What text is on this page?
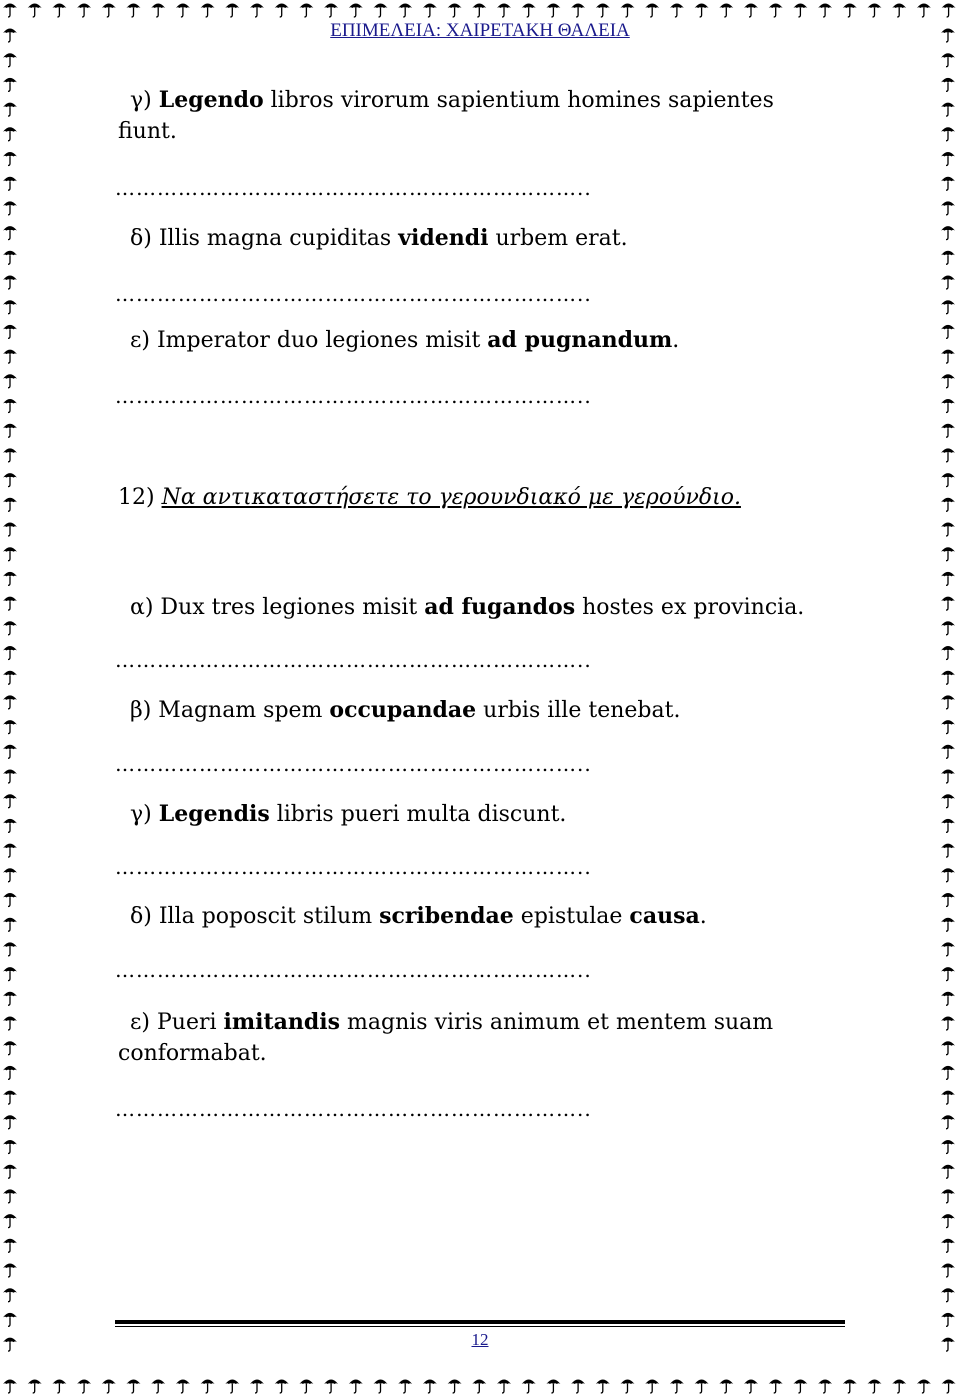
ΕΠΙΜΕΛΕΙΑ: ΧΑΙΡΕΤΑΚΗ ΘΑΛΕΙΑ
γ) Legendo libros virorum sapientium homines sapientes
fiunt.
…………………………………………………………..
δ) Illis magna cupiditas videndi urbem erat.
…………………………………………………………..
ε) Imperator duo legiones misit ad pugnandum.
…………………………………………………………..
12) Να αντικαταστήσετε το γερουνδιακό με γερούνδιο.
α) Dux tres legiones misit ad fugandos hostes ex provincia.
…………………………………………………………..
β) Magnam spem occupandae urbis ille tenebat.
…………………………………………………………..
γ) Legendis libris pueri multa discunt.
…………………………………………………………..
δ) Illa poposcit stilum scribendae epistulae causa.
…………………………………………………………..
ε) Pueri imitandis magnis viris animum et mentem suam
conformabat.
…………………………………………………………..
12
